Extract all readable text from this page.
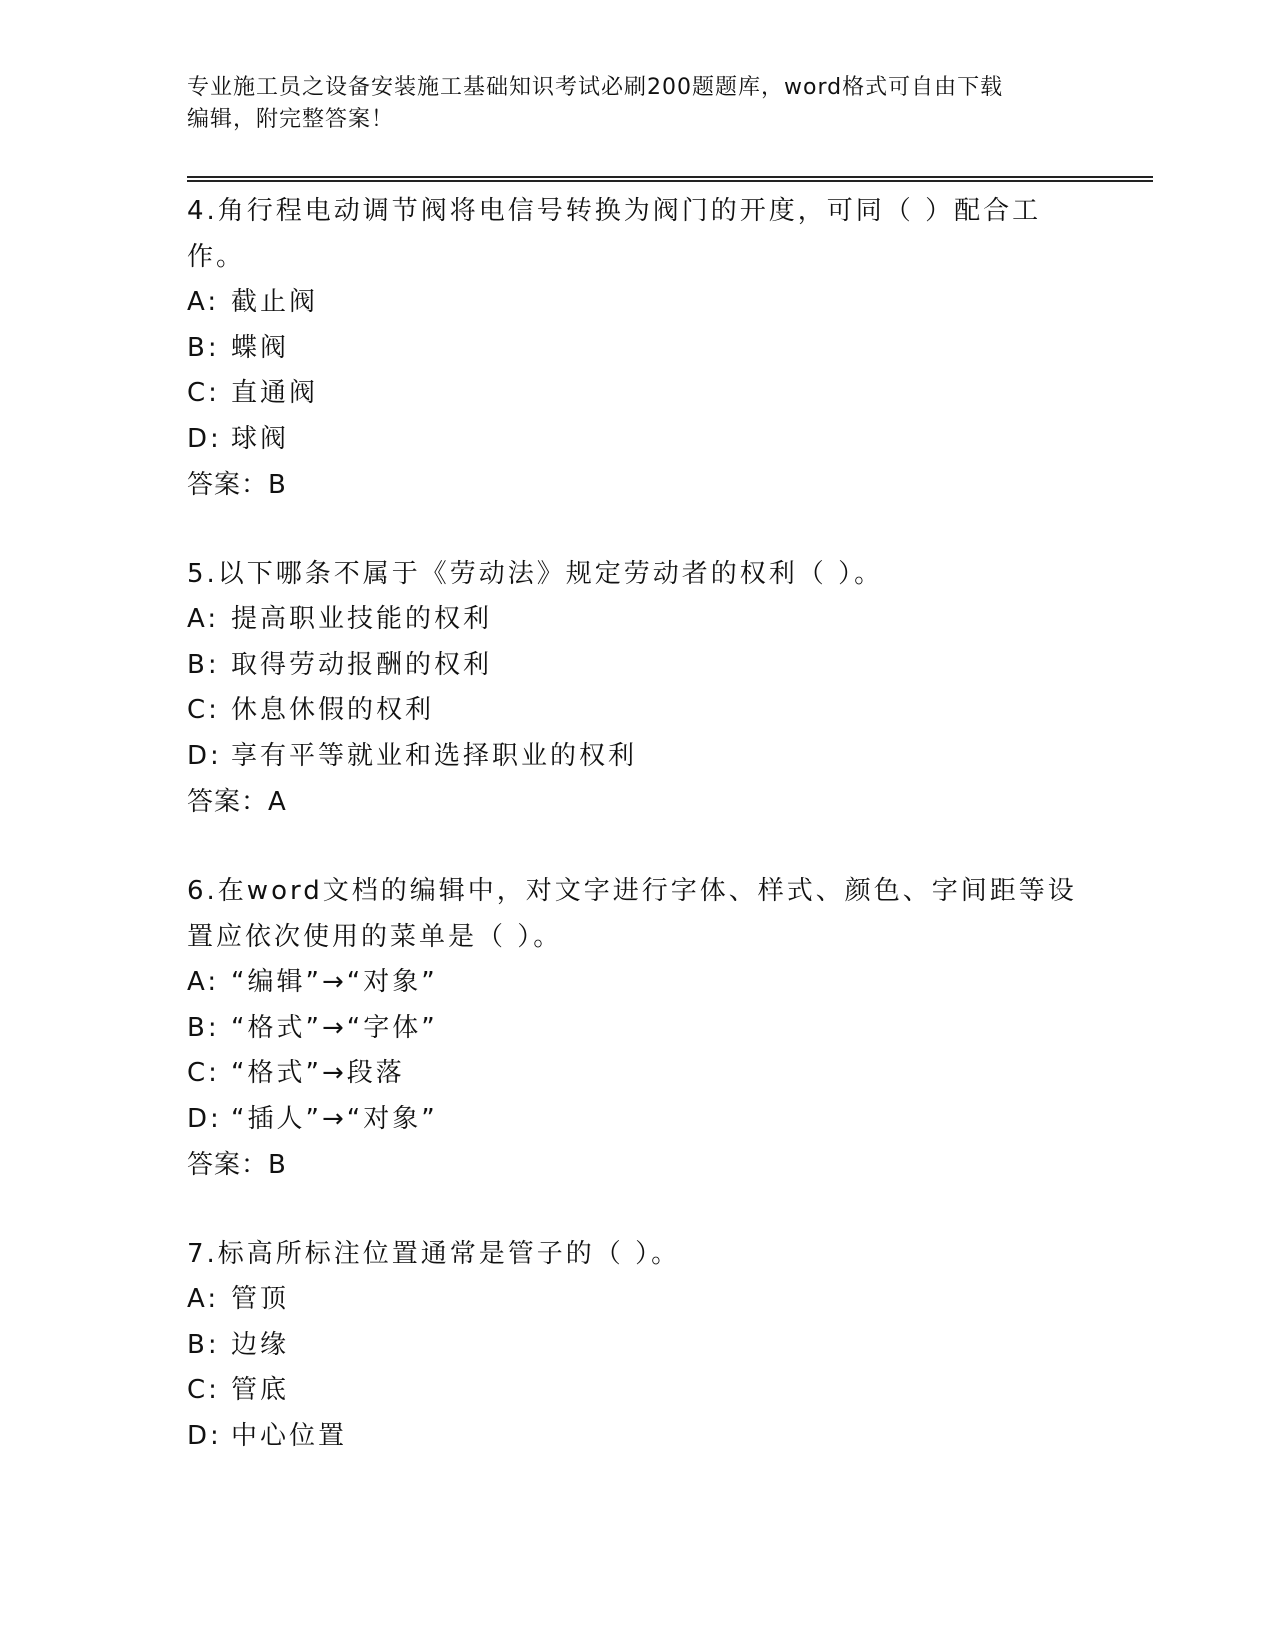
专业施工员之设备安装施工基础知识考试必刷200题题库，word格式可自由下载
编辑，附完整答案！

4.角行程电动调节阀将电信号转换为阀门的开度，可同（ ）配合工作。

A: 截止阀
B: 蝶阀
C: 直通阀
D: 球阀
答案：B

5.以下哪条不属于《劳动法》规定劳动者的权利（ ）。

A: 提高职业技能的权利
B: 取得劳动报酬的权利
C: 休息休假的权利
D: 享有平等就业和选择职业的权利
答案：A

6.在word文档的编辑中，对文字进行字体、样式、颜色、字间距等设置应依次使用的菜单是（ ）。

A: “编辑”→“对象”
B: “格式”→“字体”
C: “格式”→段落
D: “插人”→“对象”
答案：B

7.标高所标注位置通常是管子的（ ）。

A: 管顶
B: 边缘
C: 管底
D: 中心位置
